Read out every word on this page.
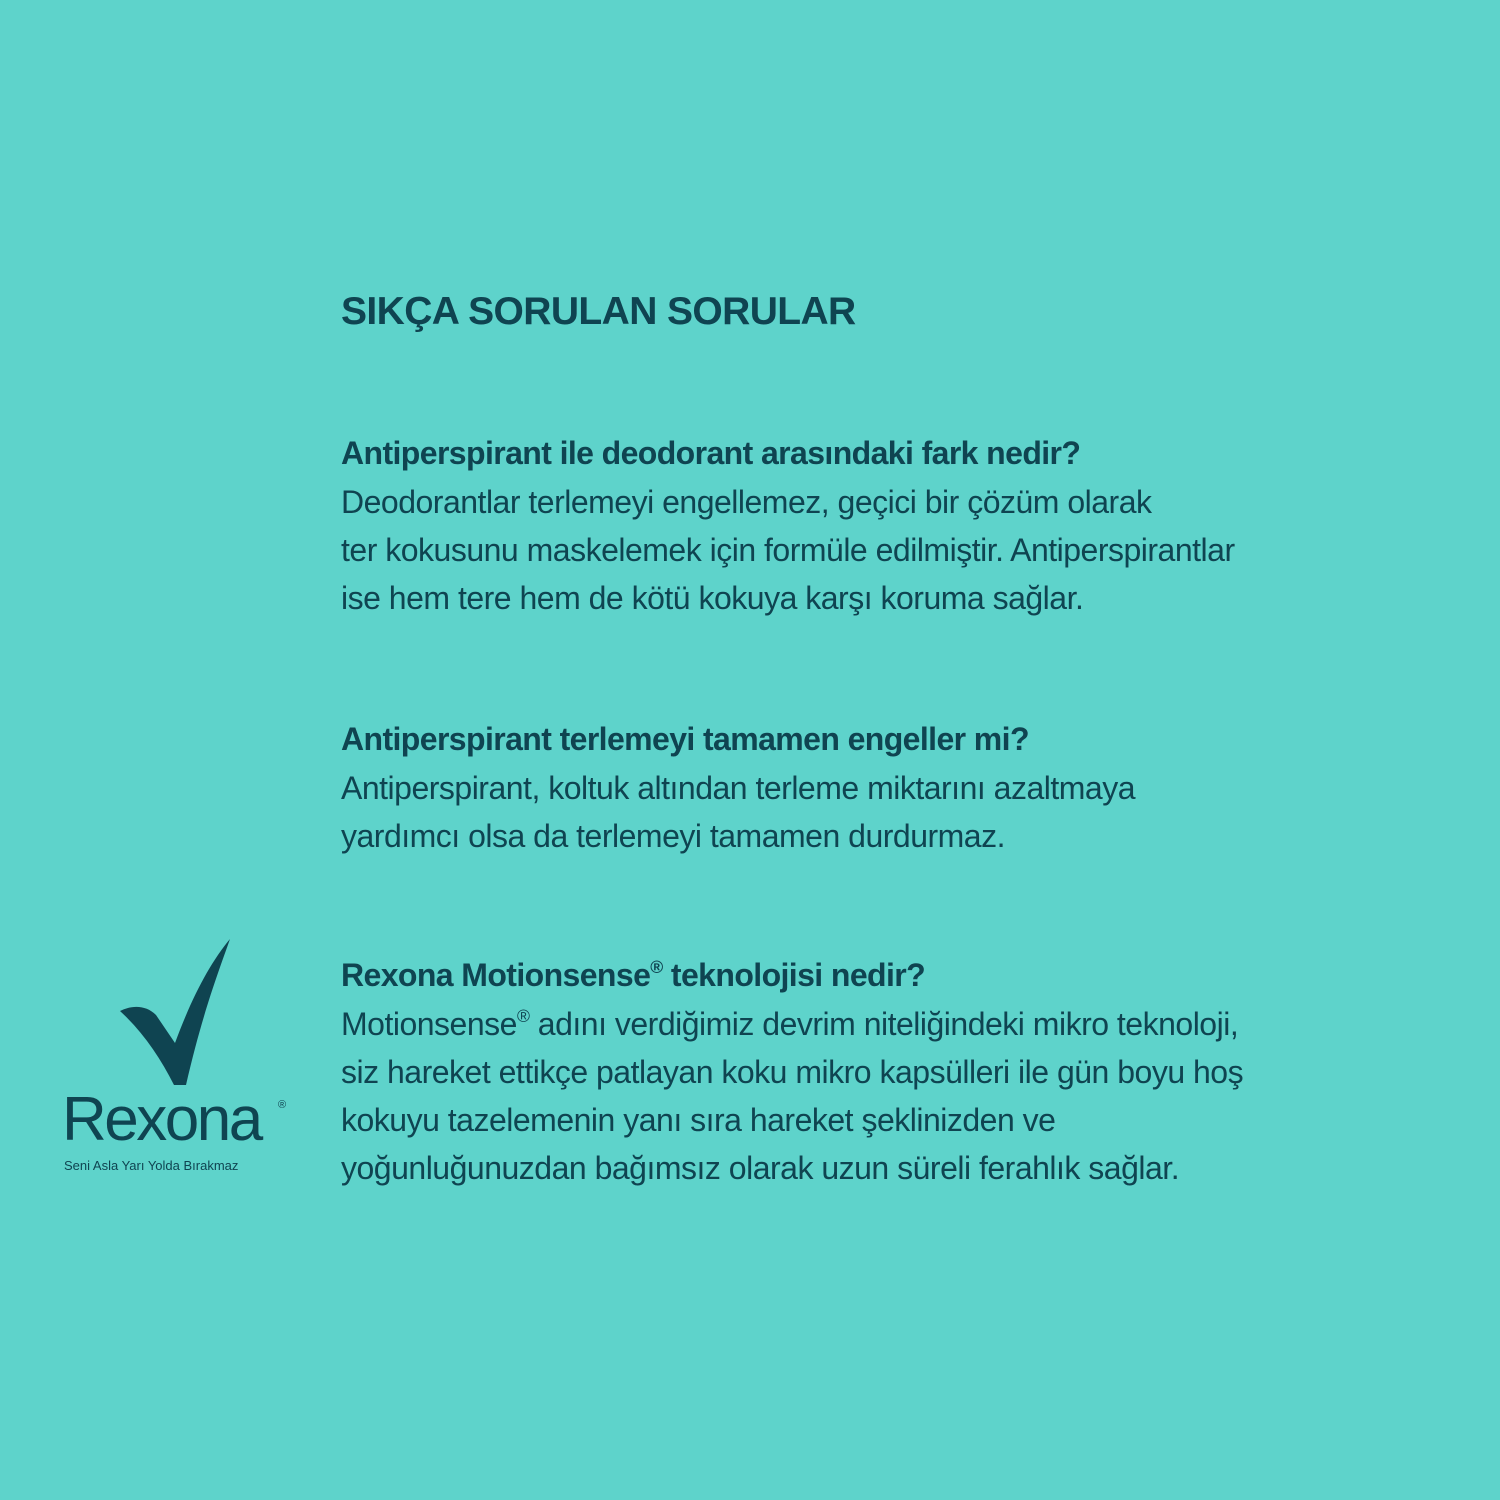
SIKÇA SORULAN SORULAR
Antiperspirant ile deodorant arasındaki fark nedir?

Deodorantlar terlemeyi engellemez, geçici bir çözüm olarak
ter kokusunu maskelemek için formüle edilmiştir. Antiperspirantlar
ise hem tere hem de kötü kokuya karşı koruma sağlar.

Antiperspirant terlemeyi tamamen engeller mi?

Antiperspirant, koltuk altından terleme miktarını azaltmaya
yardımcı olsa da terlemeyi tamamen durdurmaz.

Rexona Motionsense® teknolojisi nedir?

Motionsense® adını verdiğimiz devrim niteliğindeki mikro teknoloji,
siz hareket ettikçe patlayan koku mikro kapsülleri ile gün boyu hoş
kokuyu tazelemenin yanı sıra hareket şeklinizden ve
yoğunluğunuzdan bağımsız olarak uzun süreli ferahlık sağlar.

Rexona ®
Seni Asla Yarı Yolda Bırakmaz
